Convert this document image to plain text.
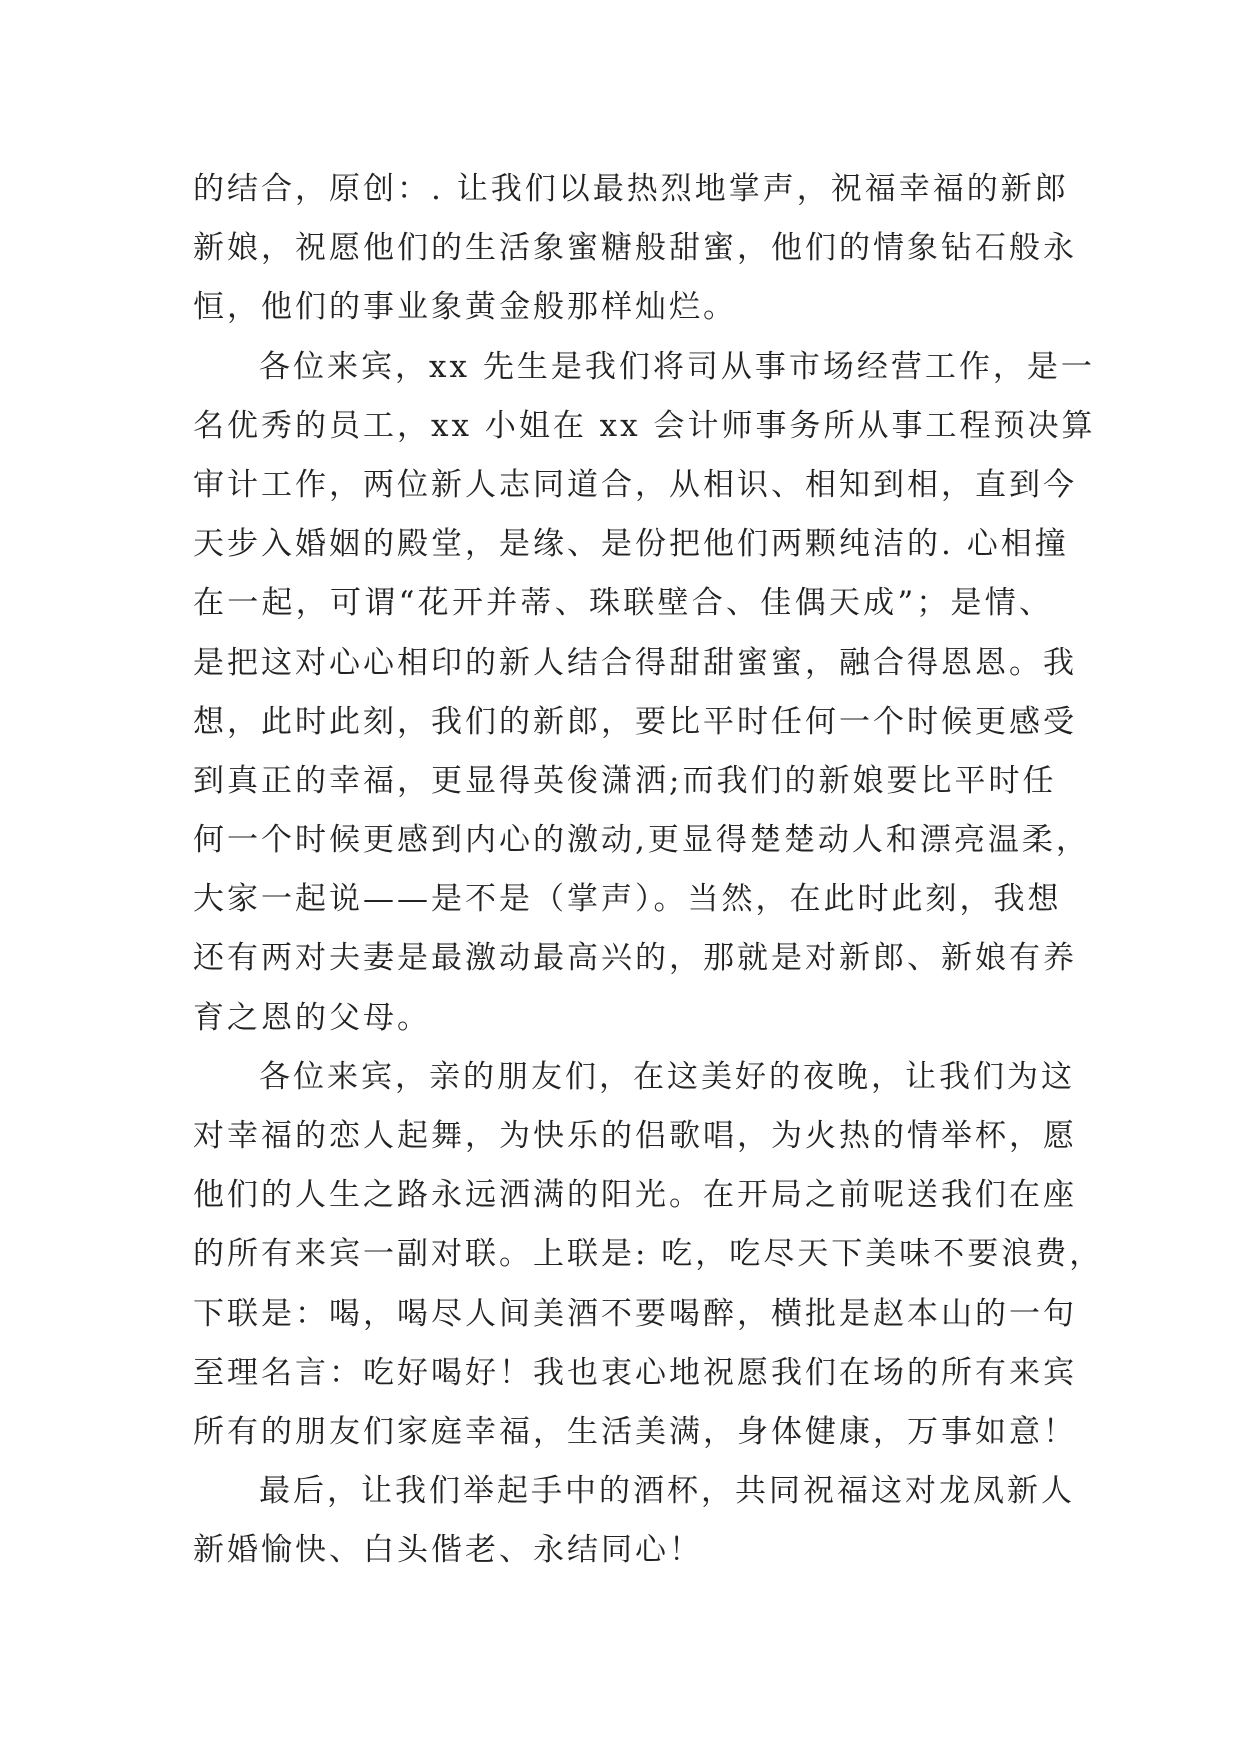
的结合，原创：. 让我们以最热烈地掌声，祝福幸福的新郎
新娘，祝愿他们的生活象蜜糖般甜蜜，他们的情象钻石般永
恒，他们的事业象黄金般那样灿烂。
各位来宾，xx 先生是我们将司从事市场经营工作，是一
名优秀的员工，xx 小姐在 xx 会计师事务所从事工程预决算
审计工作，两位新人志同道合，从相识、相知到相，直到今
天步入婚姻的殿堂，是缘、是份把他们两颗纯洁的. 心相撞
在一起，可谓“花开并蒂、珠联壁合、佳偶天成”；是情、
是把这对心心相印的新人结合得甜甜蜜蜜，融合得恩恩。我
想，此时此刻，我们的新郎，要比平时任何一个时候更感受
到真正的幸福，更显得英俊潇洒;而我们的新娘要比平时任
何一个时候更感到内心的激动,更显得楚楚动人和漂亮温柔，
大家一起说——是不是（掌声）。当然，在此时此刻，我想
还有两对夫妻是最激动最高兴的，那就是对新郎、新娘有养
育之恩的父母。
各位来宾，亲的朋友们，在这美好的夜晚，让我们为这
对幸福的恋人起舞，为快乐的侣歌唱，为火热的情举杯，愿
他们的人生之路永远洒满的阳光。在开局之前呢送我们在座
的所有来宾一副对联。上联是: 吃，吃尽天下美味不要浪费，
下联是：喝，喝尽人间美酒不要喝醉，横批是赵本山的一句
至理名言：吃好喝好！我也衷心地祝愿我们在场的所有来宾
所有的朋友们家庭幸福，生活美满，身体健康，万事如意！
最后，让我们举起手中的酒杯，共同祝福这对龙凤新人
新婚愉快、白头偕老、永结同心！
